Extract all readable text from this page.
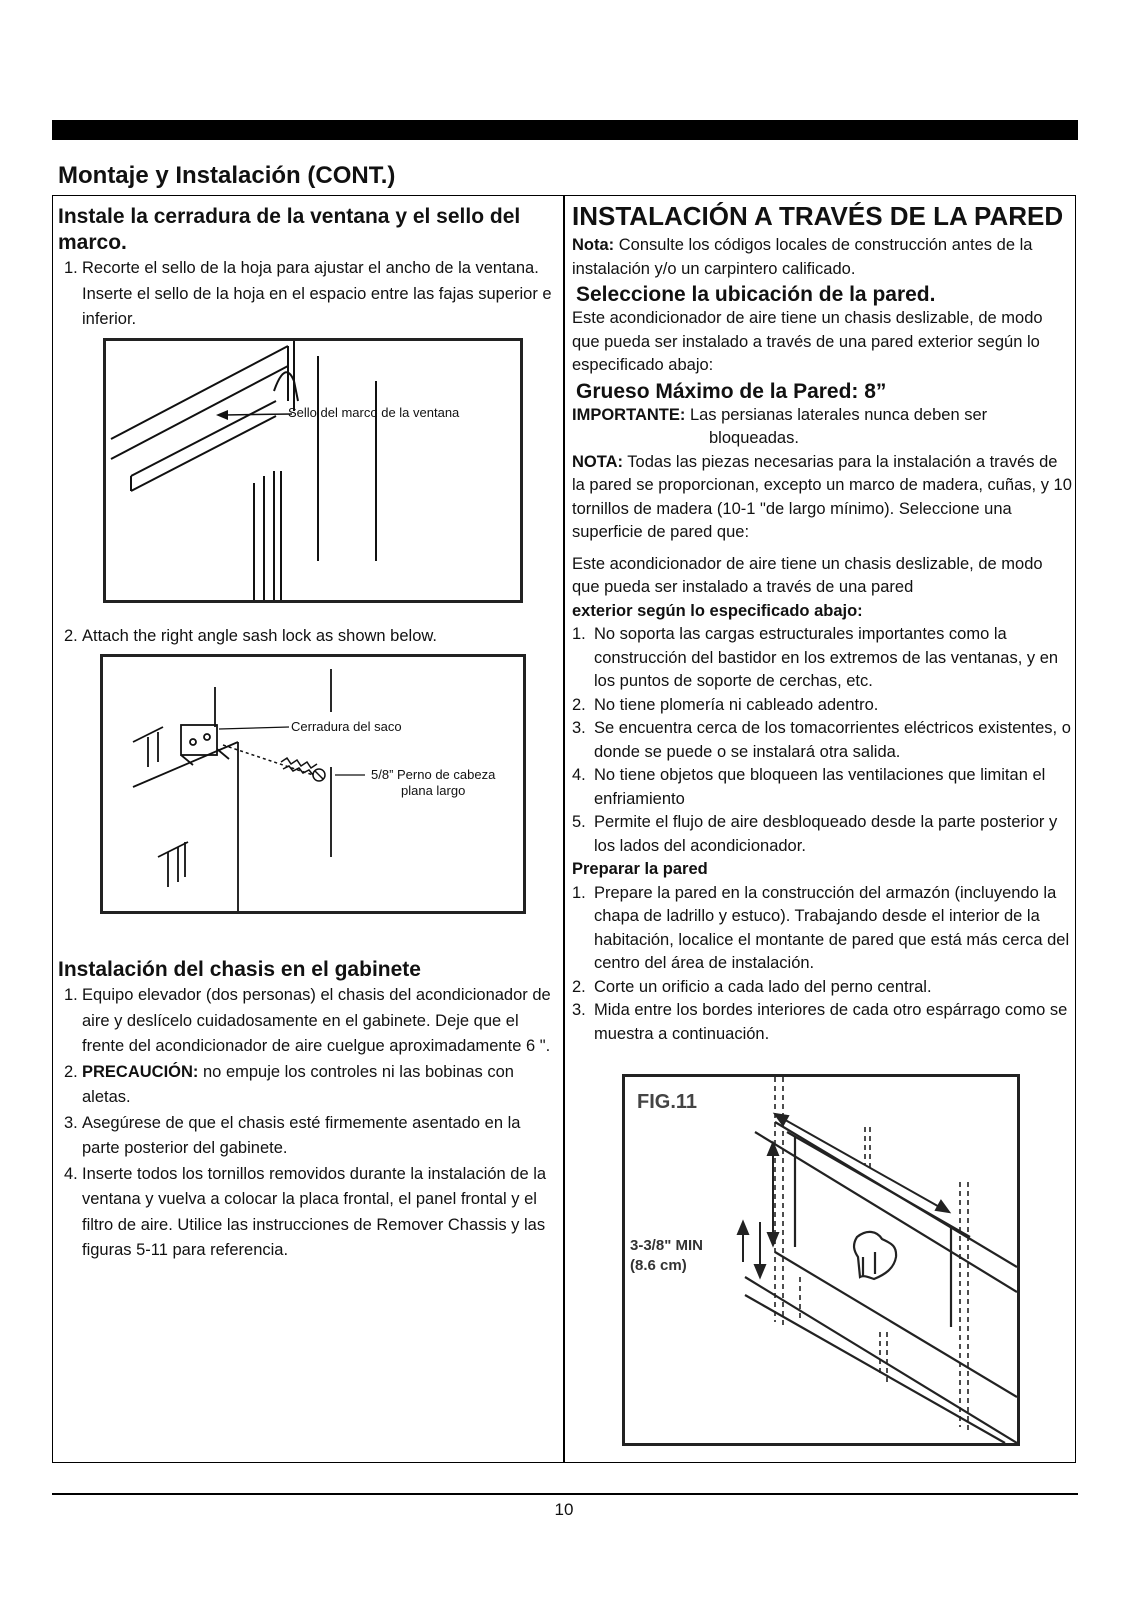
Montaje y Instalación (CONT.)
Instale la cerradura de la ventana y el sello del marco.
1. Recorte el sello de la hoja para ajustar el ancho de la ventana. Inserte el sello de la hoja en el espacio entre las fajas superior e inferior.
Sello del marco de la ventana
2. Attach the right angle sash lock as shown below.
Cerradura del saco
5/8” Perno de cabeza
plana largo
Instalación del chasis en el gabinete
1. Equipo elevador (dos personas) el chasis del acondicionador de aire y deslícelo cuidadosamente en el gabinete. Deje que el frente del acondicionador de aire cuelgue aproximadamente 6 ".
2. PRECAUCIÓN: no empuje los controles ni las bobinas con aletas.
3. Asegúrese de que el chasis esté firmemente asentado en la parte posterior del gabinete.
4. Inserte todos los tornillos removidos durante la instalación de la ventana y vuelva a colocar la placa frontal, el panel frontal y el filtro de aire. Utilice las instrucciones de Remover Chassis y las figuras 5-11 para referencia.
INSTALACIÓN A TRAVÉS DE LA PARED

Nota: Consulte los códigos locales de construcción antes de la instalación y/o un carpintero calificado.

Seleccione la ubicación de la pared.

Este acondicionador de aire tiene un chasis deslizable, de modo que pueda ser instalado a través de una pared exterior según lo especificado abajo:

Grueso Máximo de la Pared: 8”

IMPORTANTE: Las persianas laterales nunca deben ser

bloqueadas.

NOTA: Todas las piezas necesarias para la instalación a través de la pared se proporcionan, excepto un marco de madera, cuñas, y 10 tornillos de madera (10-1 "de largo mínimo). Seleccione una superficie de pared que:

Este acondicionador de aire tiene un chasis deslizable, de modo que pueda ser instalado a través de una pared
exterior según lo especificado abajo:

1. No soporta las cargas estructurales importantes como la construcción del bastidor en los extremos de las ventanas, y en los puntos de soporte de cerchas, etc.
2. No tiene plomería ni cableado adentro.
3. Se encuentra cerca de los tomacorrientes eléctricos existentes, o donde se puede o se instalará otra salida.
4. No tiene objetos que bloqueen las ventilaciones que limitan el enfriamiento
5. Permite el flujo de aire desbloqueado desde la parte posterior y los lados del acondicionador.

Preparar la pared

1. Prepare la pared en la construcción del armazón (incluyendo la chapa de ladrillo y estuco). Trabajando desde el interior de la habitación, localice el montante de pared que está más cerca del centro del área de instalación.
2. Corte un orificio a cada lado del perno central.
3. Mida entre los bordes interiores de cada otro espárrago como se muestra a continuación.
FIG.11
3-3/8" MIN
(8.6 cm)
10
